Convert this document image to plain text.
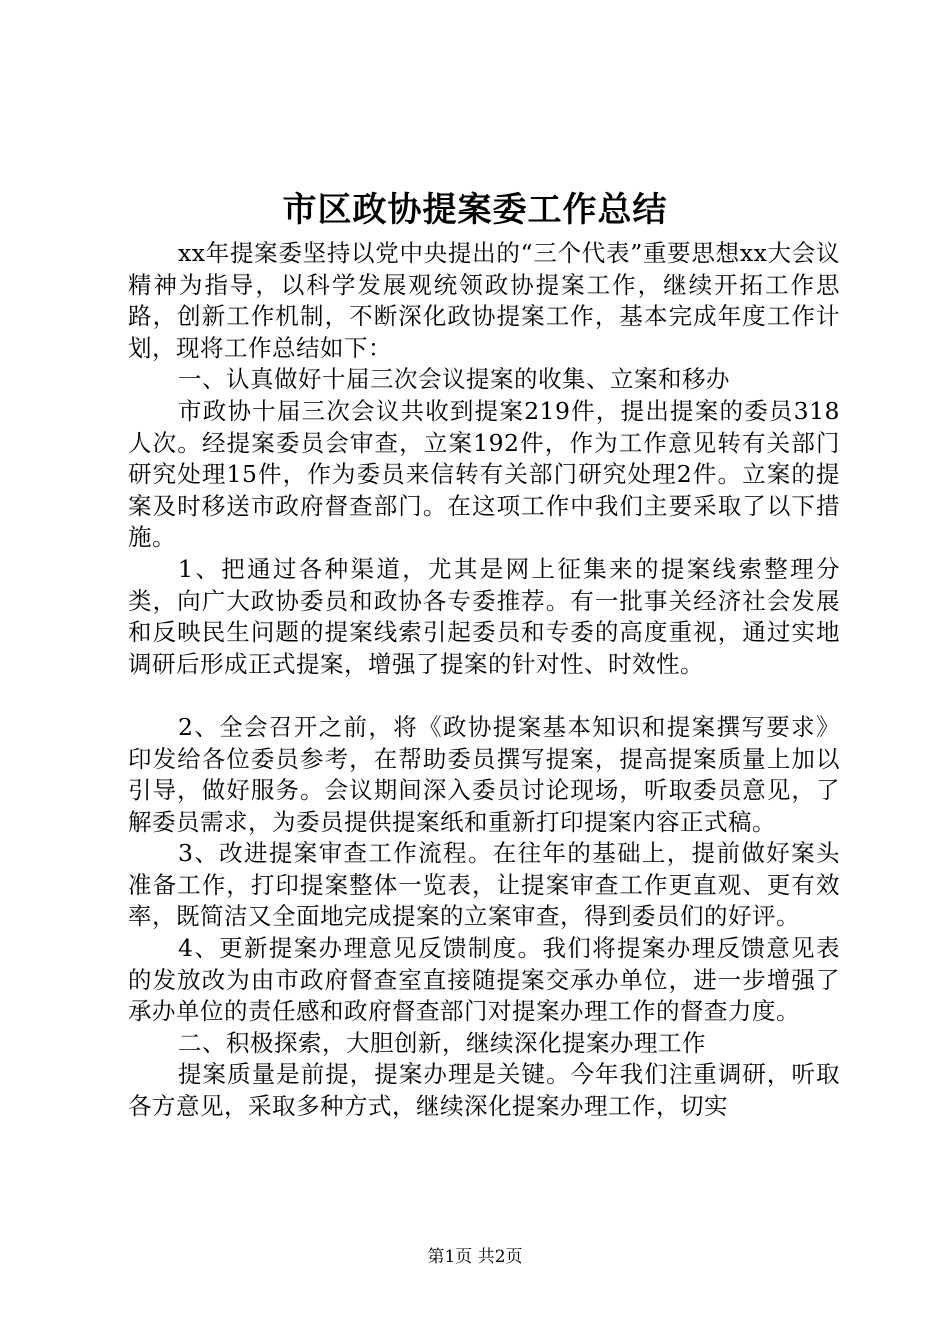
市区政协提案委工作总结

xx年提案委坚持以党中央提出的“三个代表”重要思想xx大会议精神为指导，以科学发展观统领政协提案工作，继续开拓工作思路，创新工作机制，不断深化政协提案工作，基本完成年度工作计划，现将工作总结如下：

一、认真做好十届三次会议提案的收集、立案和移办

市政协十届三次会议共收到提案219件，提出提案的委员318人次。经提案委员会审查，立案192件，作为工作意见转有关部门研究处理15件，作为委员来信转有关部门研究处理2件。立案的提案及时移送市政府督查部门。在这项工作中我们主要采取了以下措施。

1、把通过各种渠道，尤其是网上征集来的提案线索整理分类，向广大政协委员和政协各专委推荐。有一批事关经济社会发展和反映民生问题的提案线索引起委员和专委的高度重视，通过实地调研后形成正式提案，增强了提案的针对性、时效性。

2、全会召开之前，将《政协提案基本知识和提案撰写要求》印发给各位委员参考，在帮助委员撰写提案，提高提案质量上加以引导，做好服务。会议期间深入委员讨论现场，听取委员意见，了解委员需求，为委员提供提案纸和重新打印提案内容正式稿。

3、改进提案审查工作流程。在往年的基础上，提前做好案头准备工作，打印提案整体一览表，让提案审查工作更直观、更有效率，既简洁又全面地完成提案的立案审查，得到委员们的好评。

4、更新提案办理意见反馈制度。我们将提案办理反馈意见表的发放改为由市政府督查室直接随提案交承办单位，进一步增强了承办单位的责任感和政府督查部门对提案办理工作的督查力度。

二、积极探索，大胆创新，继续深化提案办理工作

提案质量是前提，提案办理是关键。今年我们注重调研，听取各方意见，采取多种方式，继续深化提案办理工作，切实

第1页 共2页
